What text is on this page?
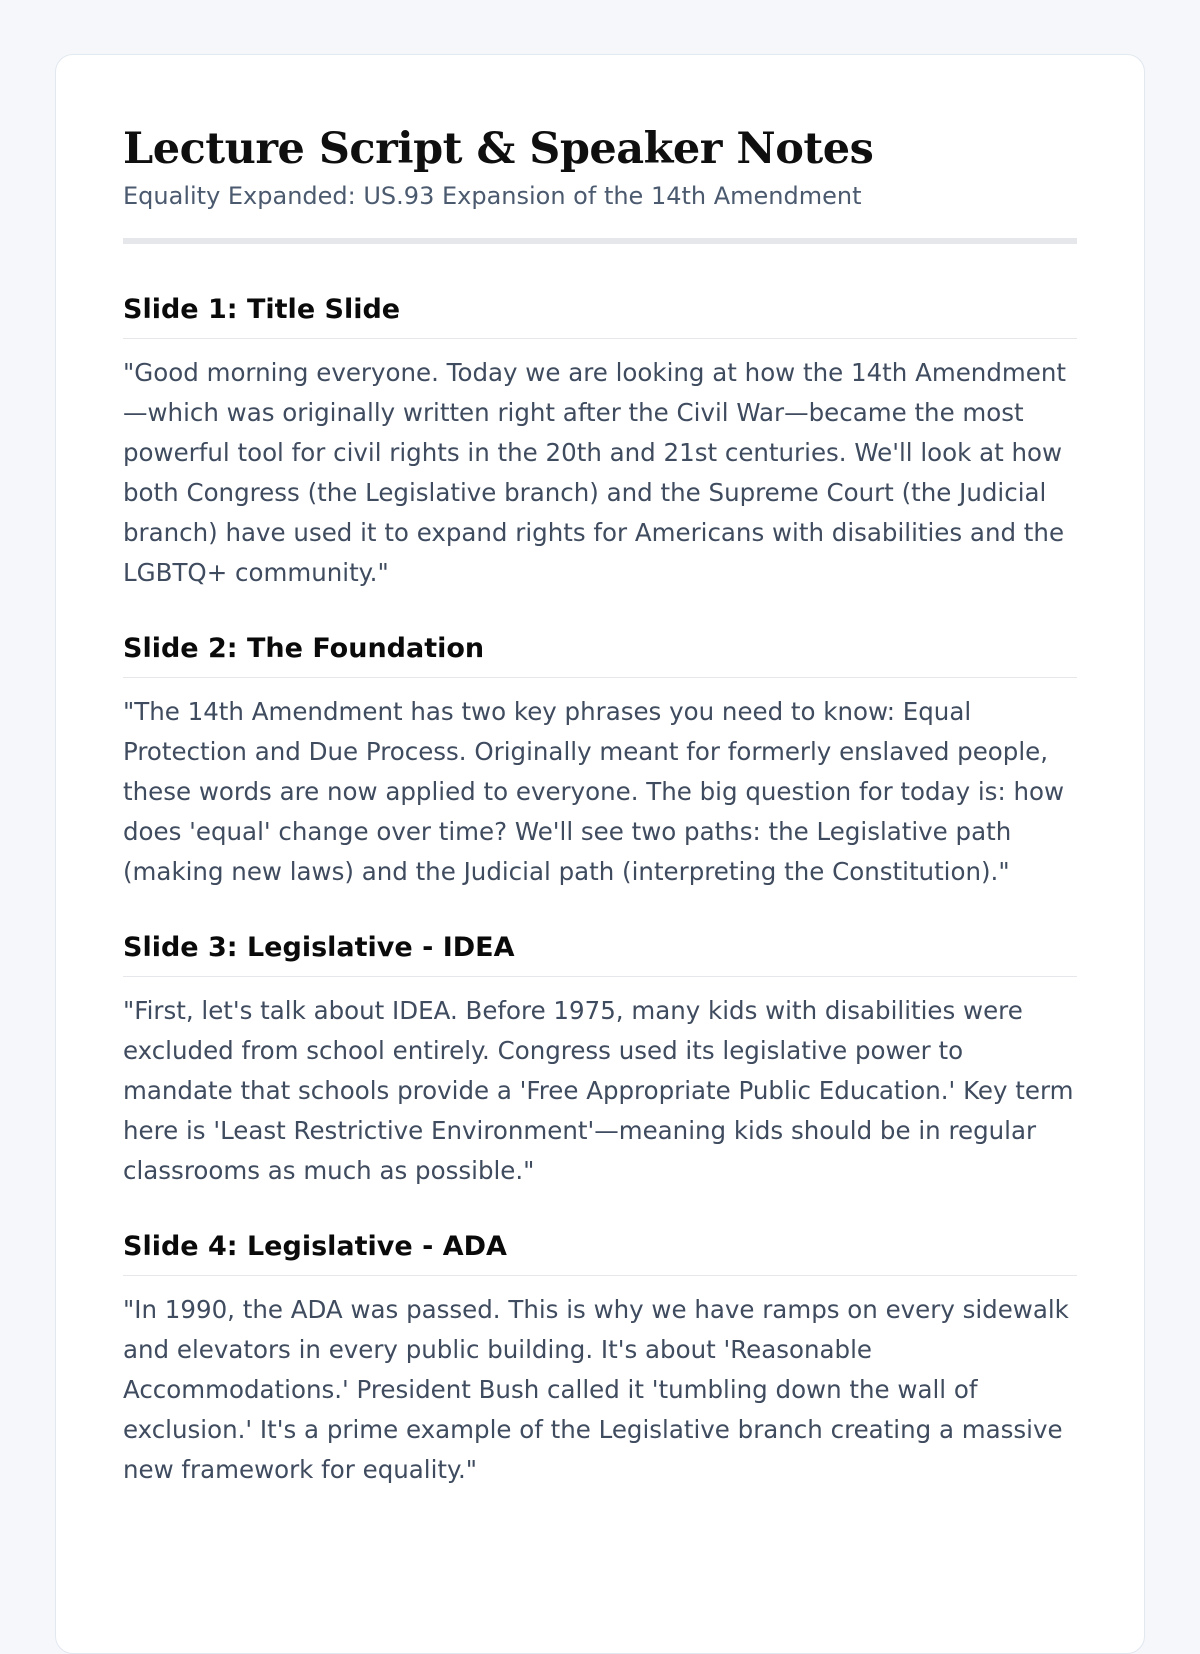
Lecture Script & Speaker Notes

Equality Expanded: US.93 Expansion of the 14th Amendment

Slide 1: Title Slide

"Good morning everyone. Today we are looking at how the 14th Amendment—which was originally written right after the Civil War—became the most powerful tool for civil rights in the 20th and 21st centuries. We'll look at how both Congress (the Legislative branch) and the Supreme Court (the Judicial branch) have used it to expand rights for Americans with disabilities and the LGBTQ+ community."

Slide 2: The Foundation

"The 14th Amendment has two key phrases you need to know: Equal Protection and Due Process. Originally meant for formerly enslaved people, these words are now applied to everyone. The big question for today is: how does 'equal' change over time? We'll see two paths: the Legislative path (making new laws) and the Judicial path (interpreting the Constitution)."

Slide 3: Legislative - IDEA

"First, let's talk about IDEA. Before 1975, many kids with disabilities were excluded from school entirely. Congress used its legislative power to mandate that schools provide a 'Free Appropriate Public Education.' Key term here is 'Least Restrictive Environment'—meaning kids should be in regular classrooms as much as possible."

Slide 4: Legislative - ADA

"In 1990, the ADA was passed. This is why we have ramps on every sidewalk and elevators in every public building. It's about 'Reasonable Accommodations.' President Bush called it 'tumbling down the wall of exclusion.' It's a prime example of the Legislative branch creating a massive new framework for equality."
